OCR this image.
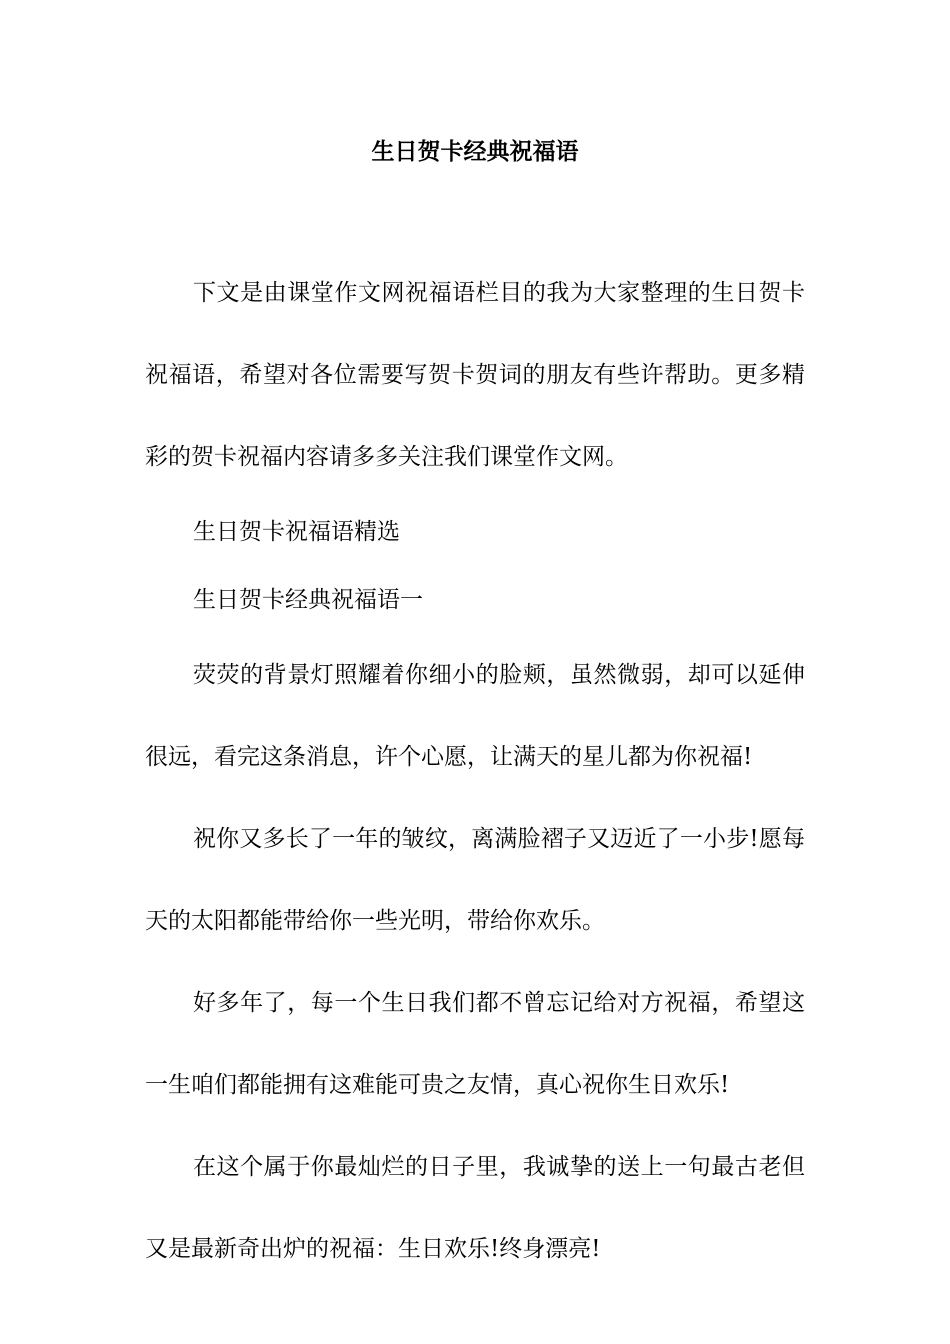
生日贺卡经典祝福语

下文是由课堂作文网祝福语栏目的我为大家整理的生日贺卡祝福语，希望对各位需要写贺卡贺词的朋友有些许帮助。更多精彩的贺卡祝福内容请多多关注我们课堂作文网。

生日贺卡祝福语精选

生日贺卡经典祝福语一

荧荧的背景灯照耀着你细小的脸颊，虽然微弱，却可以延伸很远，看完这条消息，许个心愿，让满天的星儿都为你祝福!

祝你又多长了一年的皱纹，离满脸褶子又迈近了一小步!愿每天的太阳都能带给你一些光明，带给你欢乐。

好多年了，每一个生日我们都不曾忘记给对方祝福，希望这一生咱们都能拥有这难能可贵之友情，真心祝你生日欢乐!

在这个属于你最灿烂的日子里，我诚挚的送上一句最古老但又是最新奇出炉的祝福：生日欢乐!终身漂亮!
